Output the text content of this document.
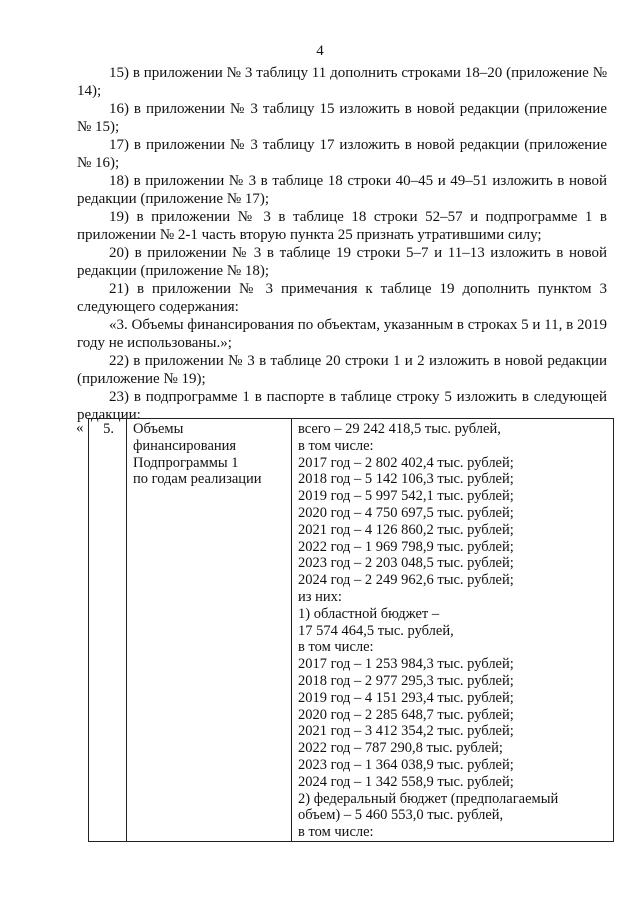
4

15) в приложении № 3 таблицу 11 дополнить строками 18–20 (приложение № 14);

16) в приложении № 3 таблицу 15 изложить в новой редакции (приложение № 15);

17) в приложении № 3 таблицу 17 изложить в новой редакции (приложение № 16);

18) в приложении № 3 в таблице 18 строки 40–45 и 49–51 изложить в новой редакции (приложение № 17);

19) в приложении № 3 в таблице 18 строки 52–57 и подпрограмме 1 в приложении № 2-1 часть вторую пункта 25 признать утратившими силу;

20) в приложении № 3 в таблице 19 строки 5–7 и 11–13 изложить в новой редакции (приложение № 18);

21) в приложении № 3 примечания к таблице 19 дополнить пунктом 3 следующего содержания:

«3. Объемы финансирования по объектам, указанным в строках 5 и 11, в 2019 году не использованы.»;

22) в приложении № 3 в таблице 20 строки 1 и 2 изложить в новой редакции (приложение № 19);

23) в подпрограмме 1 в паспорте в таблице строку 5 изложить в следующей редакции:

« 5.	Объемы
финансирования
Подпрограммы 1
по годам реализации

всего – 29 242 418,5 тыс. рублей,
в том числе:
2017 год – 2 802 402,4 тыс. рублей;
2018 год – 5 142 106,3 тыс. рублей;
2019 год – 5 997 542,1 тыс. рублей;
2020 год – 4 750 697,5 тыс. рублей;
2021 год – 4 126 860,2 тыс. рублей;
2022 год – 1 969 798,9 тыс. рублей;
2023 год – 2 203 048,5 тыс. рублей;
2024 год – 2 249 962,6 тыс. рублей;
из них:
1) областной бюджет –
17 574 464,5 тыс. рублей,
в том числе:
2017 год – 1 253 984,3 тыс. рублей;
2018 год – 2 977 295,3 тыс. рублей;
2019 год – 4 151 293,4 тыс. рублей;
2020 год – 2 285 648,7 тыс. рублей;
2021 год – 3 412 354,2 тыс. рублей;
2022 год – 787 290,8 тыс. рублей;
2023 год – 1 364 038,9 тыс. рублей;
2024 год – 1 342 558,9 тыс. рублей;
2) федеральный бюджет (предполагаемый
объем) – 5 460 553,0 тыс. рублей,
в том числе:
